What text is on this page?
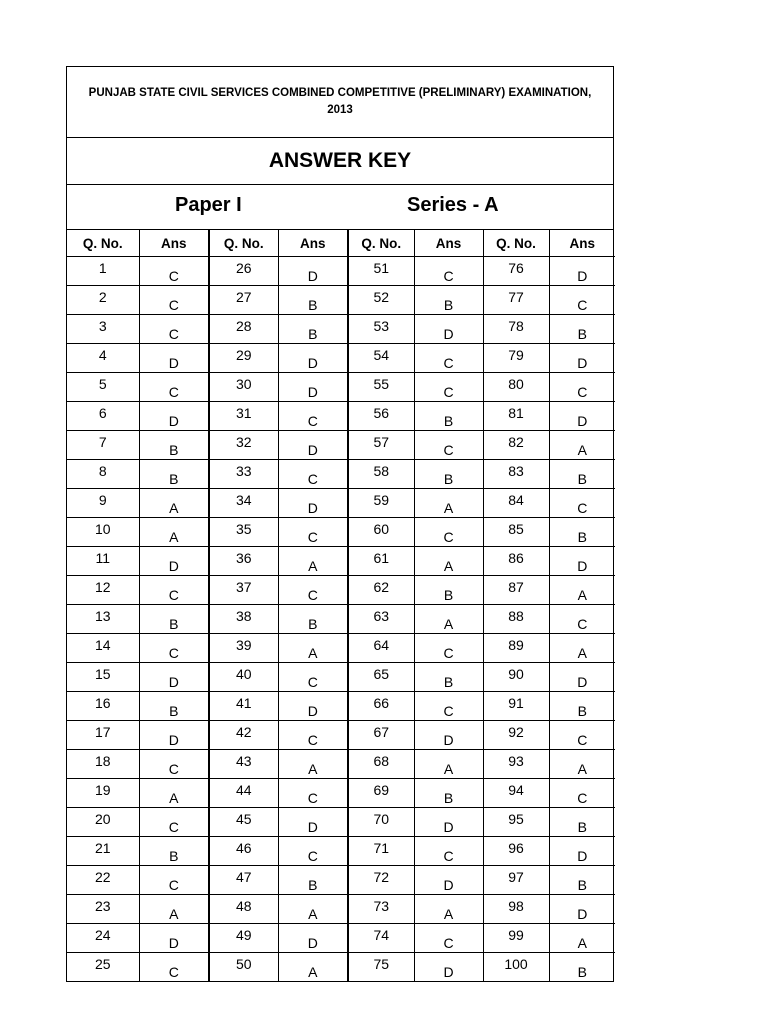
PUNJAB STATE CIVIL SERVICES COMBINED COMPETITIVE (PRELIMINARY) EXAMINATION,
2013
ANSWER KEY
Paper I	Series - A
Q. No.	Ans	Q. No.	Ans	Q. No.	Ans	Q. No.	Ans
1	C	26	D	51	C	76	D
2	C	27	B	52	B	77	C
3	C	28	B	53	D	78	B
4	D	29	D	54	C	79	D
5	C	30	D	55	C	80	C
6	D	31	C	56	B	81	D
7	B	32	D	57	C	82	A
8	B	33	C	58	B	83	B
9	A	34	D	59	A	84	C
10	A	35	C	60	C	85	B
11	D	36	A	61	A	86	D
12	C	37	C	62	B	87	A
13	B	38	B	63	A	88	C
14	C	39	A	64	C	89	A
15	D	40	C	65	B	90	D
16	B	41	D	66	C	91	B
17	D	42	C	67	D	92	C
18	C	43	A	68	A	93	A
19	A	44	C	69	B	94	C
20	C	45	D	70	D	95	B
21	B	46	C	71	C	96	D
22	C	47	B	72	D	97	B
23	A	48	A	73	A	98	D
24	D	49	D	74	C	99	A
25	C	50	A	75	D	100	B
